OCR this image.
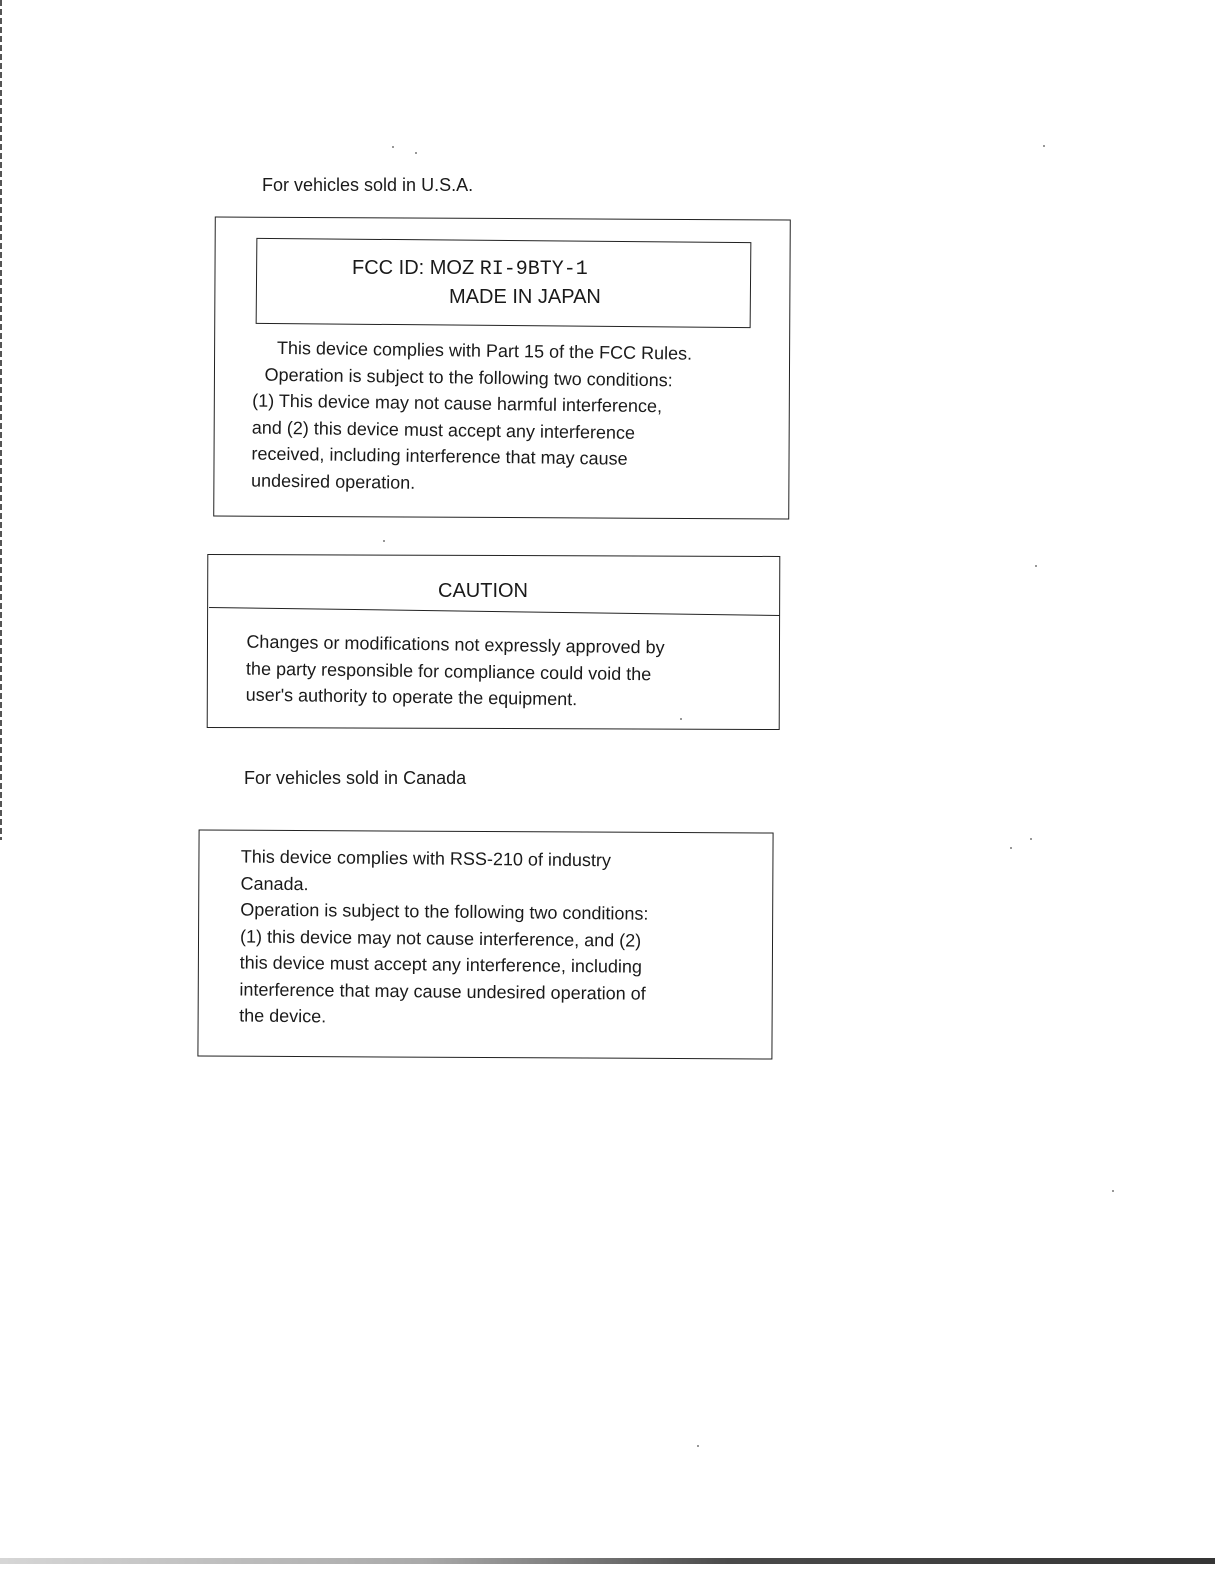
For vehicles sold in U.S.A.
FCC ID: MOZ RI-9BTY-1
MADE IN JAPAN
This device complies with Part 15 of the FCC Rules.
Operation is subject to the following two conditions:
(1) This device may not cause harmful interference,
and (2) this device must accept any interference
received, including interference that may cause
undesired operation.
CAUTION
Changes or modifications not expressly approved by
the party responsible for compliance could void the
user's authority to operate the equipment.
For vehicles sold in Canada
This device complies with RSS-210 of industry
Canada.
Operation is subject to the following two conditions:
(1) this device may not cause interference, and (2)
this device must accept any interference, including
interference that may cause undesired operation of
the device.
